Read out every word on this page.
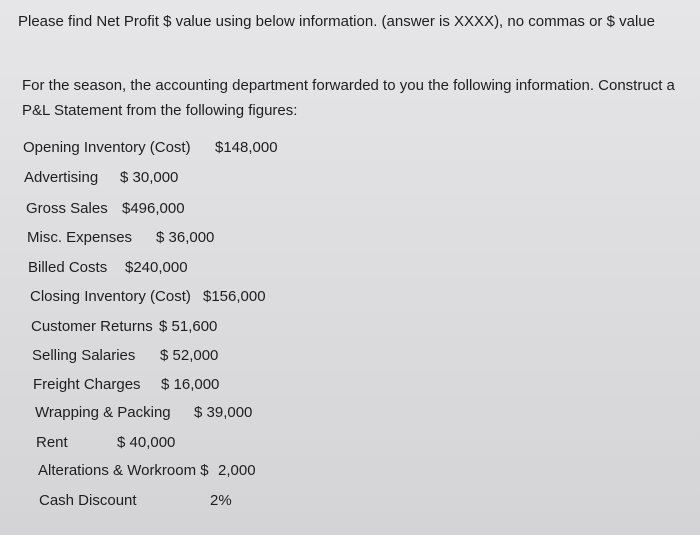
Please find Net Profit $ value using below information. (answer is XXXX), no commas or $ value
For the season, the accounting department forwarded to you the following information. Construct a P&L Statement from the following figures:
Opening Inventory (Cost)	$148,000
Advertising	$ 30,000
Gross Sales $496,000
Misc. Expenses	$ 36,000
Billed Costs	$240,000
Closing Inventory (Cost) $156,000
Customer Returns $ 51,600
Selling Salaries	$ 52,000
Freight Charges	$ 16,000
Wrapping & Packing	$ 39,000
Rent	$ 40,000
Alterations & Workroom $ 2,000
Cash Discount	2%
